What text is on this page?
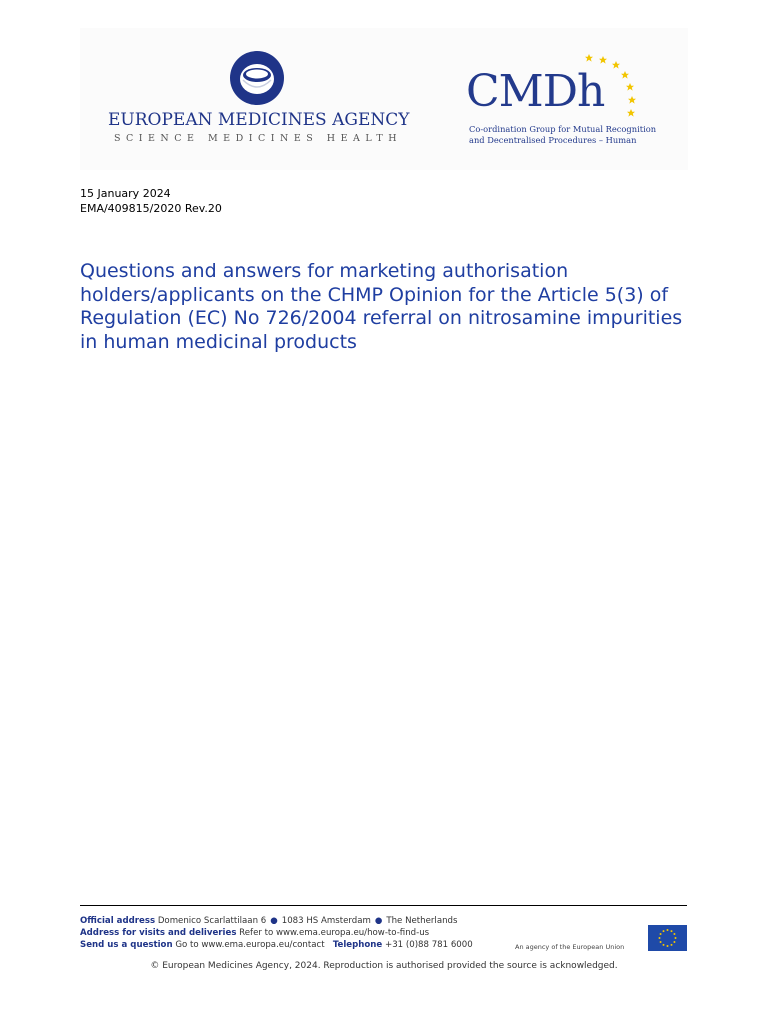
EUROPEAN MEDICINES AGENCY
SCIENCE MEDICINES HEALTH
CMDh
Co-ordination Group for Mutual Recognition
and Decentralised Procedures – Human
15 January 2024
EMA/409815/2020 Rev.20
Questions and answers for marketing authorisation holders/applicants on the CHMP Opinion for the Article 5(3) of Regulation (EC) No 726/2004 referral on nitrosamine impurities in human medicinal products
Official address Domenico Scarlattilaan 6 ● 1083 HS Amsterdam ● The Netherlands
Address for visits and deliveries Refer to www.ema.europa.eu/how-to-find-us
Send us a question Go to www.ema.europa.eu/contact Telephone +31 (0)88 781 6000	An agency of the European Union
© European Medicines Agency, 2024. Reproduction is authorised provided the source is acknowledged.
